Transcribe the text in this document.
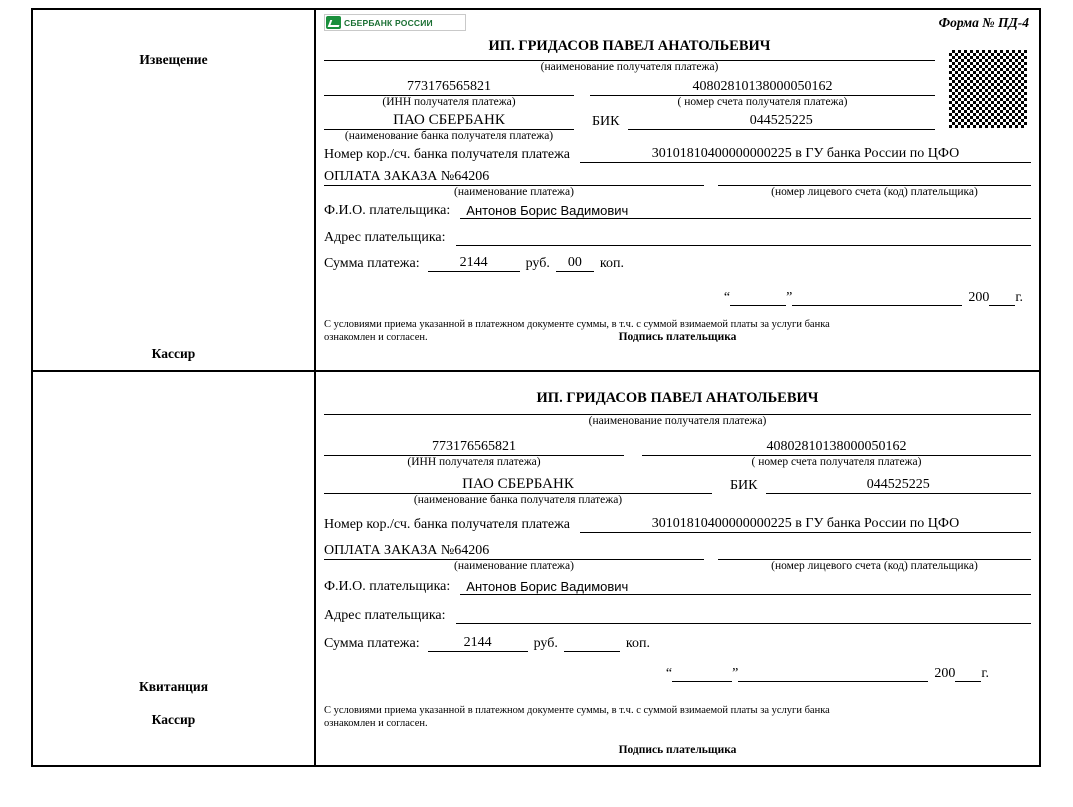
Извещение
Кассир
СБЕРБАНК РОССИИ	Форма № ПД-4
ИП. ГРИДАСОВ ПАВЕЛ АНАТОЛЬЕВИЧ
(наименование получателя платежа)
773176565821	40802810138000050162
(ИНН получателя платежа)	( номер счета получателя платежа)
ПАО СБЕРБАНК	БИК	044525225
(наименование банка получателя платежа)
Номер кор./сч. банка получателя платежа	30101810400000000225 в ГУ банка России по ЦФО
ОПЛАТА ЗАКАЗА №64206
(наименование платежа)	(номер лицевого счета (код) плательщика)
Ф.И.О. плательщика:	Антонов Борис Вадимович
Адрес плательщика:
Сумма платежа:	2144	руб.	00	коп.
“	”	200 г.
С условиями приема указанной в платежном документе суммы, в т.ч. с суммой взимаемой платы за услуги банка
ознакомлен и согласен.	Подпись плательщика
Квитанция
Кассир
ИП. ГРИДАСОВ ПАВЕЛ АНАТОЛЬЕВИЧ
(наименование получателя платежа)
773176565821	40802810138000050162
(ИНН получателя платежа)	( номер счета получателя платежа)
ПАО СБЕРБАНК	БИК	044525225
(наименование банка получателя платежа)
Номер кор./сч. банка получателя платежа	30101810400000000225 в ГУ банка России по ЦФО
ОПЛАТА ЗАКАЗА №64206
(наименование платежа)	(номер лицевого счета (код) плательщика)
Ф.И.О. плательщика:	Антонов Борис Вадимович
Адрес плательщика:
Сумма платежа:	2144	руб.	коп.
“	”	200 г.
С условиями приема указанной в платежном документе суммы, в т.ч. с суммой взимаемой платы за услуги банка
ознакомлен и согласен.
Подпись плательщика
